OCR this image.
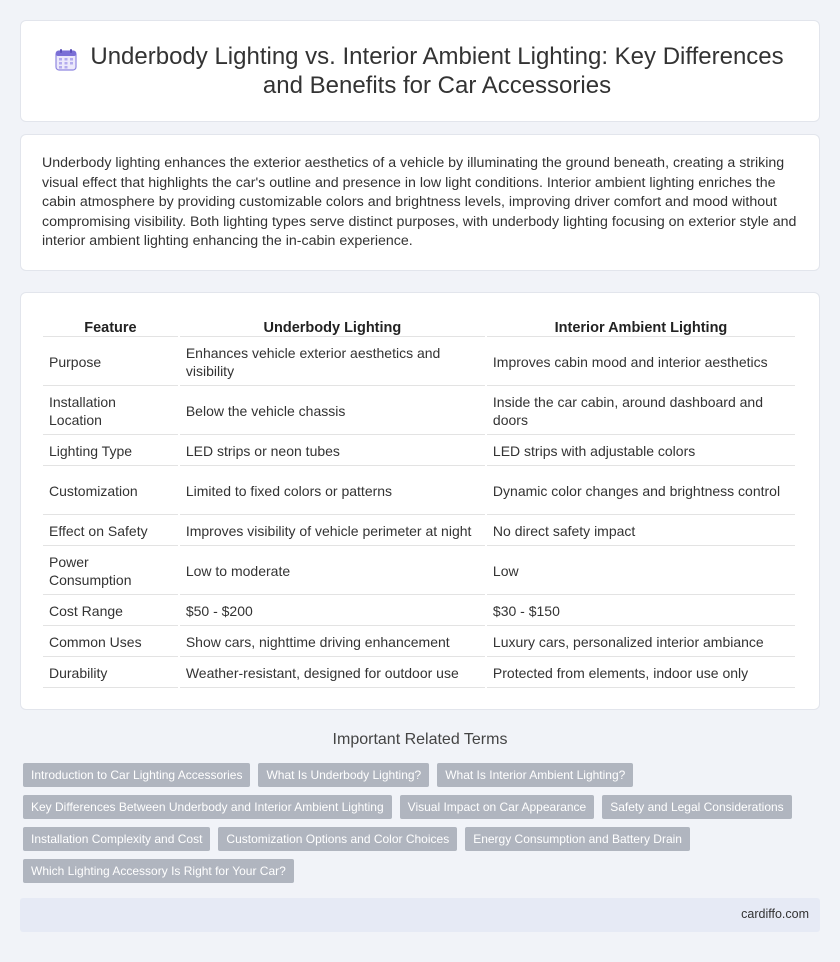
Underbody Lighting vs. Interior Ambient Lighting: Key Differences and Benefits for Car Accessories

Underbody lighting enhances the exterior aesthetics of a vehicle by illuminating the ground beneath, creating a striking visual effect that highlights the car's outline and presence in low light conditions. Interior ambient lighting enriches the cabin atmosphere by providing customizable colors and brightness levels, improving driver comfort and mood without compromising visibility. Both lighting types serve distinct purposes, with underbody lighting focusing on exterior style and interior ambient lighting enhancing the in-cabin experience.

Feature	Underbody Lighting	Interior Ambient Lighting
Purpose	Enhances vehicle exterior aesthetics and visibility	Improves cabin mood and interior aesthetics
Installation Location	Below the vehicle chassis	Inside the car cabin, around dashboard and doors
Lighting Type	LED strips or neon tubes	LED strips with adjustable colors
Customization	Limited to fixed colors or patterns	Dynamic color changes and brightness control
Effect on Safety	Improves visibility of vehicle perimeter at night	No direct safety impact
Power Consumption	Low to moderate	Low
Cost Range	$50 - $200	$30 - $150
Common Uses	Show cars, nighttime driving enhancement	Luxury cars, personalized interior ambiance
Durability	Weather-resistant, designed for outdoor use	Protected from elements, indoor use only
Important Related Terms
Introduction to Car Lighting Accessories	What Is Underbody Lighting?	What Is Interior Ambient Lighting?
Key Differences Between Underbody and Interior Ambient Lighting	Visual Impact on Car Appearance	Safety and Legal Considerations
Installation Complexity and Cost	Customization Options and Color Choices	Energy Consumption and Battery Drain
Which Lighting Accessory Is Right for Your Car?
cardiffo.com
